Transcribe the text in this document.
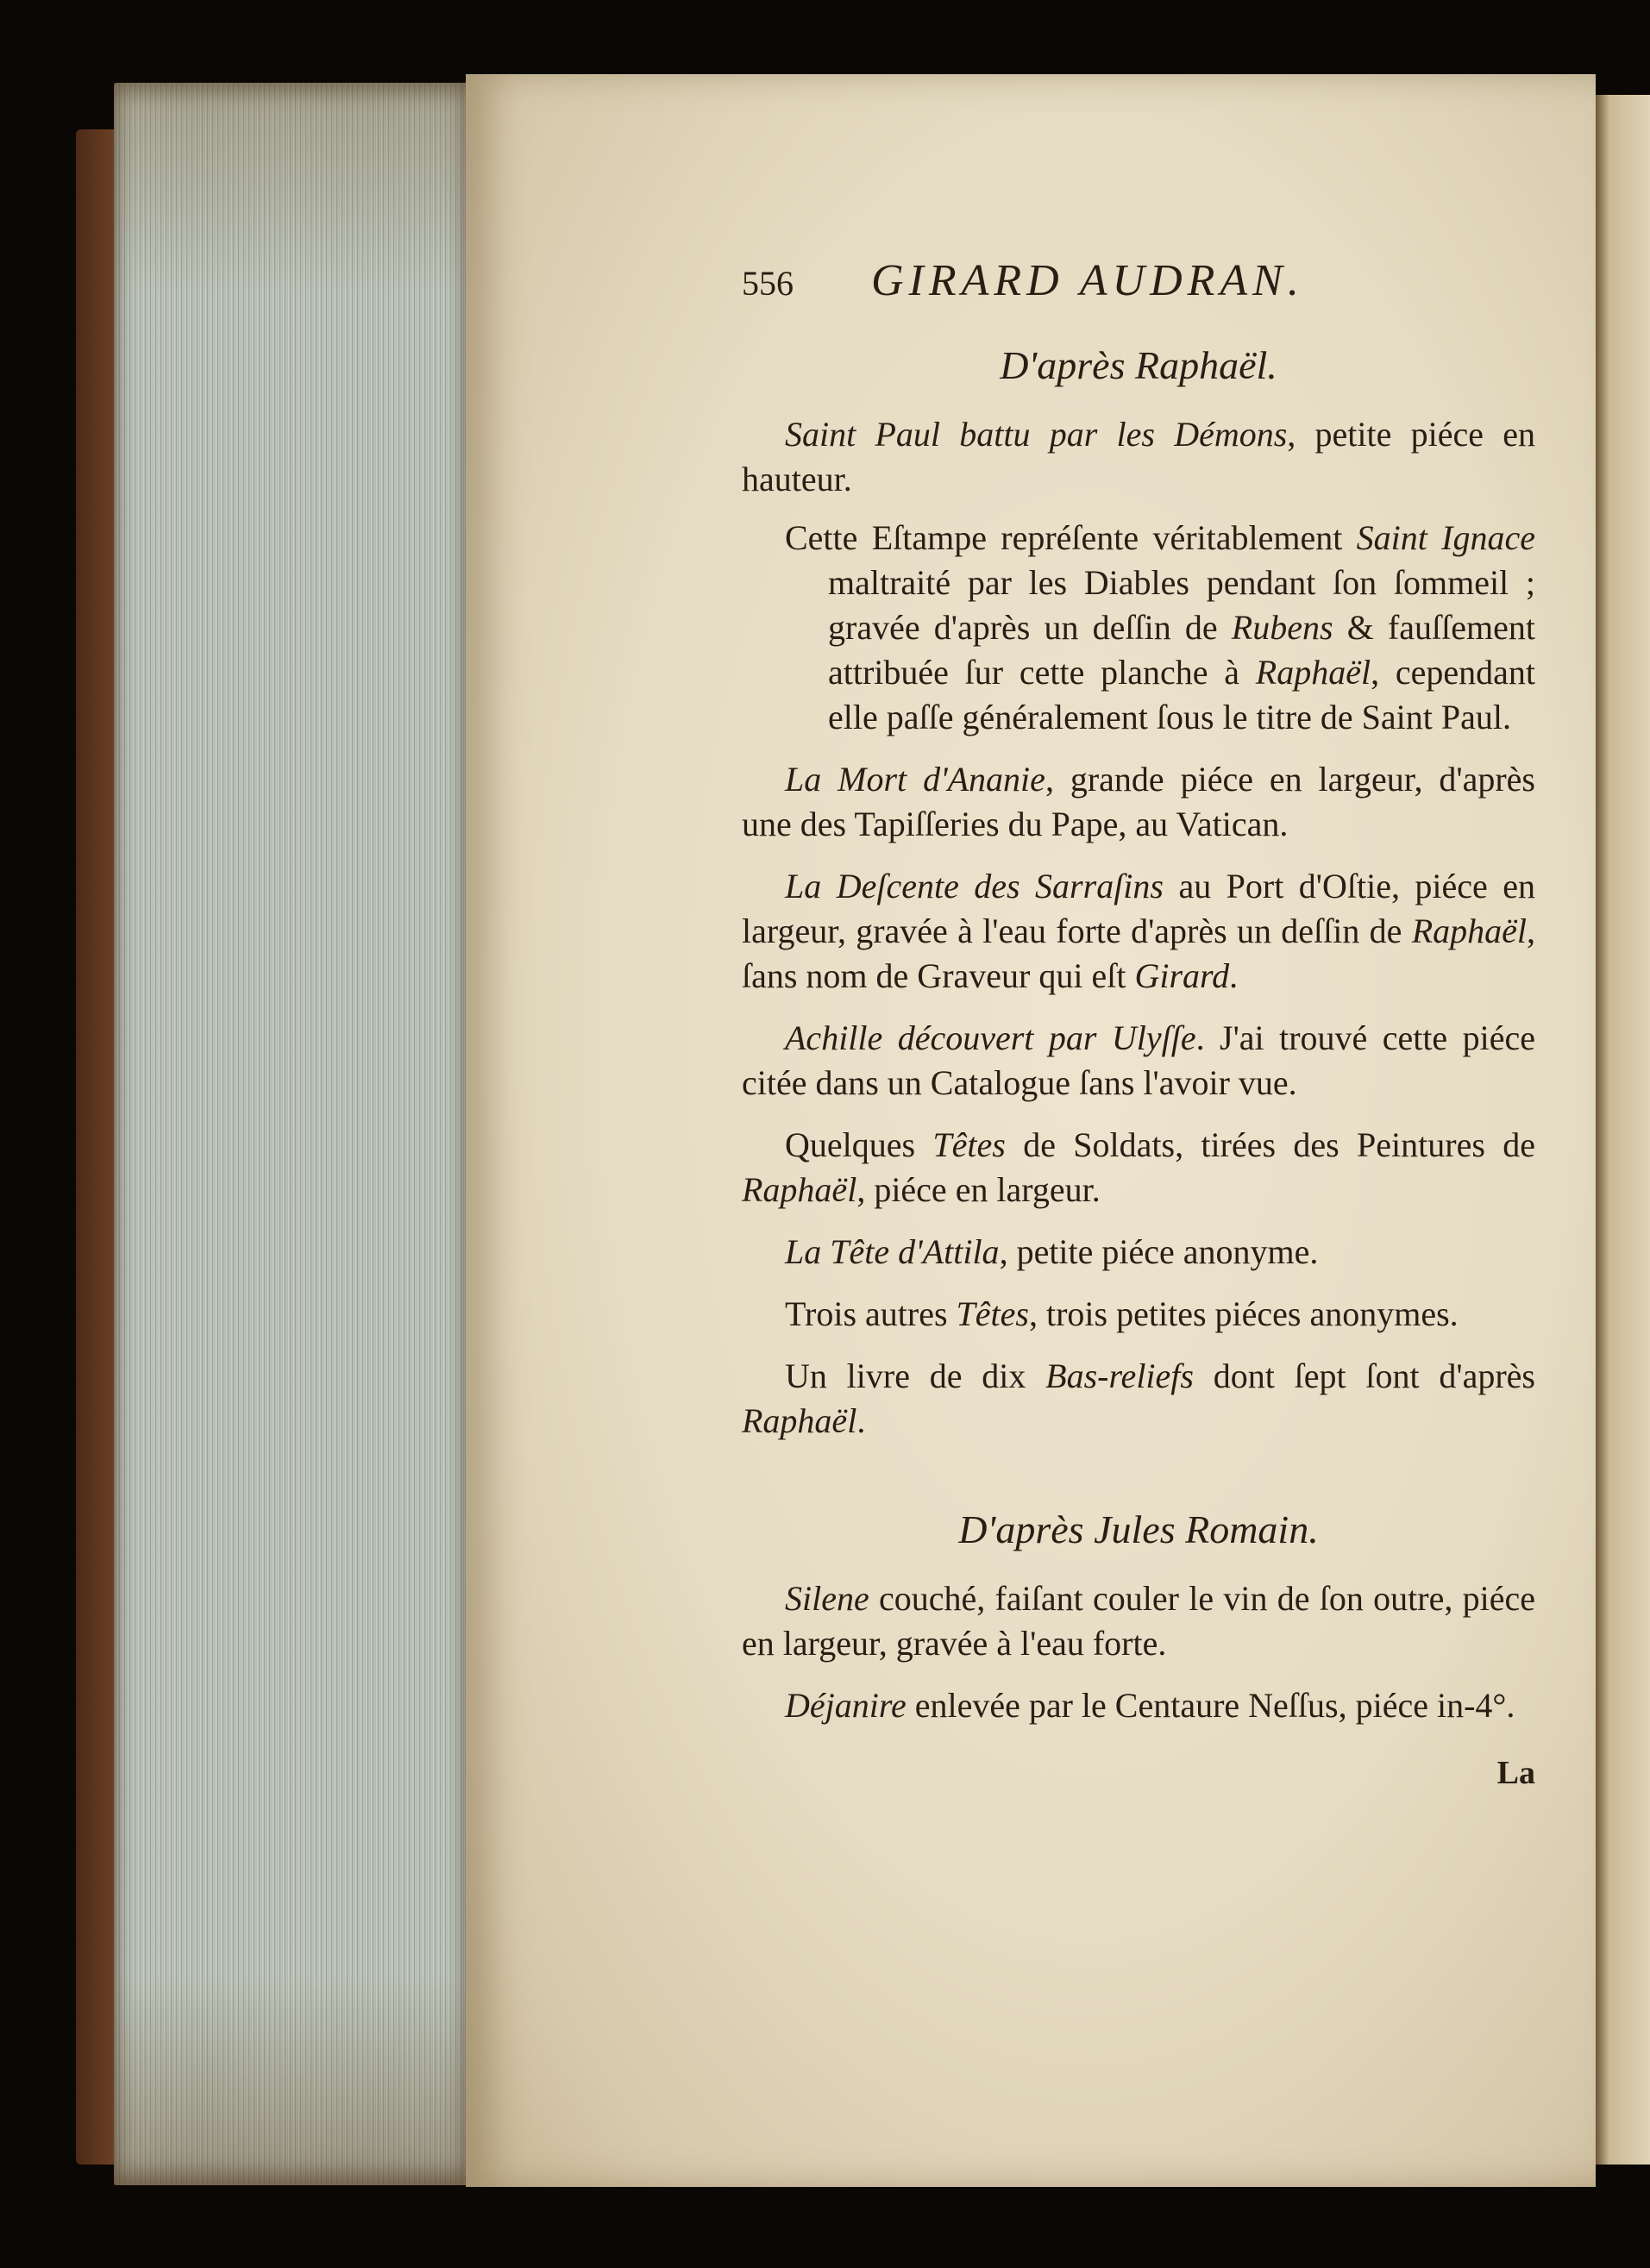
556	GIRARD AUDRAN.
D'après Raphaël.

Saint Paul battu par les Démons, petite piéce en hauteur.

Cette Eſtampe repréſente véritablement Saint Ignace maltraité par les Diables pendant ſon ſommeil ; gravée d'après un deſſin de Rubens & fauſſement attribuée ſur cette planche à Raphaël, cependant elle paſſe généralement ſous le titre de Saint Paul.

La Mort d'Ananie, grande piéce en largeur, d'après une des Tapiſſeries du Pape, au Vatican.

La Deſcente des Sarraſins au Port d'Oſtie, piéce en largeur, gravée à l'eau forte d'après un deſſin de Raphaël, ſans nom de Graveur qui eſt Girard.

Achille découvert par Ulyſſe. J'ai trouvé cette piéce citée dans un Catalogue ſans l'avoir vue.

Quelques Têtes de Soldats, tirées des Peintures de Raphaël, piéce en largeur.

La Tête d'Attila, petite piéce anonyme.

Trois autres Têtes, trois petites piéces anonymes.

Un livre de dix Bas-reliefs dont ſept ſont d'après Raphaël.

D'après Jules Romain.

Silene couché, faiſant couler le vin de ſon outre, piéce en largeur, gravée à l'eau forte.

Déjanire enlevée par le Centaure Neſſus, piéce in-4°.

La
